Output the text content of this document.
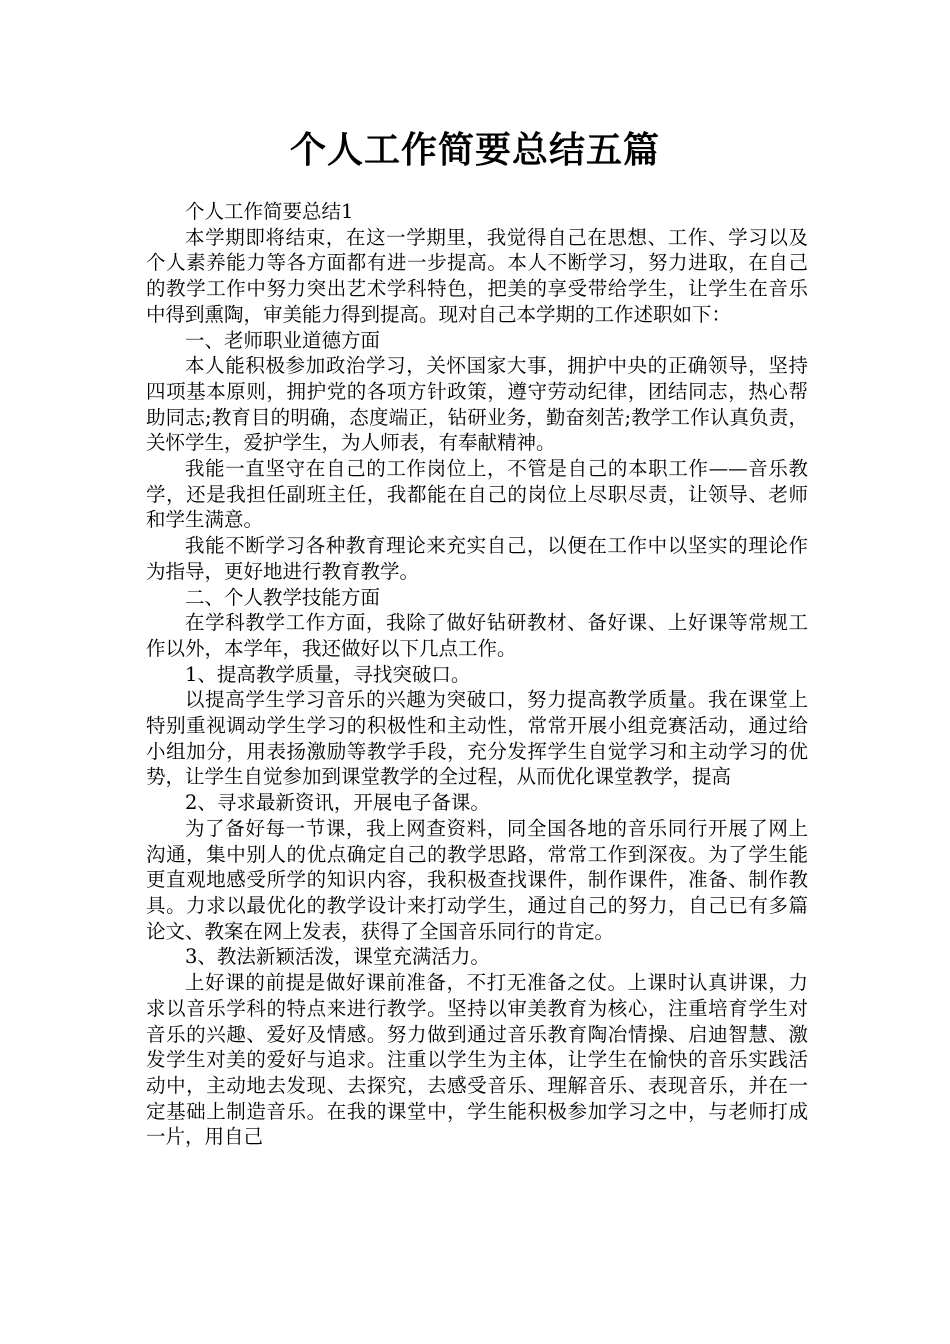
个人工作简要总结五篇

个人工作简要总结1

本学期即将结束，在这一学期里，我觉得自己在思想、工作、学习以及个人素养能力等各方面都有进一步提高。本人不断学习，努力进取，在自己的教学工作中努力突出艺术学科特色，把美的享受带给学生，让学生在音乐中得到熏陶，审美能力得到提高。现对自己本学期的工作述职如下：

一、老师职业道德方面

本人能积极参加政治学习，关怀国家大事，拥护中央的正确领导，坚持四项基本原则，拥护党的各项方针政策，遵守劳动纪律，团结同志，热心帮助同志;教育目的明确，态度端正，钻研业务，勤奋刻苦;教学工作认真负责，关怀学生，爱护学生，为人师表，有奉献精神。

我能一直坚守在自己的工作岗位上，不管是自己的本职工作——音乐教学，还是我担任副班主任，我都能在自己的岗位上尽职尽责，让领导、老师和学生满意。

我能不断学习各种教育理论来充实自己，以便在工作中以坚实的理论作为指导，更好地进行教育教学。

二、个人教学技能方面

在学科教学工作方面，我除了做好钻研教材、备好课、上好课等常规工作以外，本学年，我还做好以下几点工作。

1、提高教学质量，寻找突破口。

以提高学生学习音乐的兴趣为突破口，努力提高教学质量。我在课堂上特别重视调动学生学习的积极性和主动性，常常开展小组竞赛活动，通过给小组加分，用表扬激励等教学手段，充分发挥学生自觉学习和主动学习的优势，让学生自觉参加到课堂教学的全过程，从而优化课堂教学，提高

2、寻求最新资讯，开展电子备课。

为了备好每一节课，我上网查资料，同全国各地的音乐同行开展了网上沟通，集中别人的优点确定自己的教学思路，常常工作到深夜。为了学生能更直观地感受所学的知识内容，我积极查找课件，制作课件，准备、制作教具。力求以最优化的教学设计来打动学生，通过自己的努力，自己已有多篇论文、教案在网上发表，获得了全国音乐同行的肯定。

3、教法新颖活泼，课堂充满活力。

上好课的前提是做好课前准备，不打无准备之仗。上课时认真讲课，力求以音乐学科的特点来进行教学。坚持以审美教育为核心，注重培育学生对音乐的兴趣、爱好及情感。努力做到通过音乐教育陶冶情操、启迪智慧、激发学生对美的爱好与追求。注重以学生为主体，让学生在愉快的音乐实践活动中，主动地去发现、去探究，去感受音乐、理解音乐、表现音乐，并在一定基础上制造音乐。在我的课堂中，学生能积极参加学习之中，与老师打成一片，用自己
